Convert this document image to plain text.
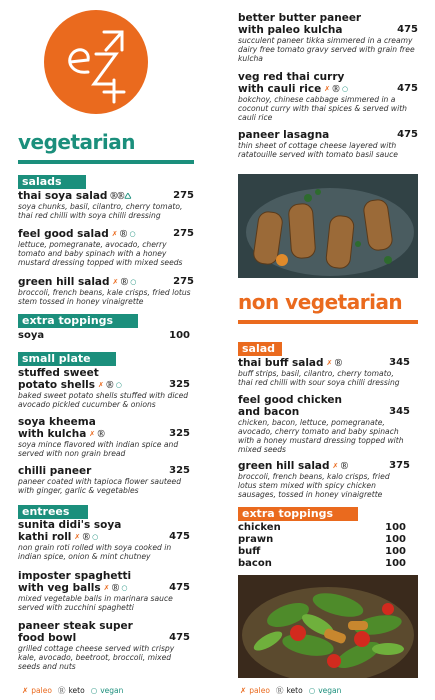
vegetarian
salads
thai soya salad ⓇⓇ🛆	275
soya chunks, basil, cilantro, cherry tomato, thai red chilli with soya chilli dressing
feel good salad ✗ Ⓡ ○	275
lettuce, pomegranate, avocado, cherry tomato and baby spinach with a honey mustard dressing topped with mixed seeds
green hill salad ✗ Ⓡ ○	275
broccoli, french beans, kale crisps, fried lotus stem tossed in honey vinaigrette
extra toppings
soya	100
small plate
stuffed sweet
potato shells ✗ Ⓡ ○	325
baked sweet potato shells stuffed with diced avocado pickled cucumber & onions
soya kheema
with kulcha ✗ Ⓡ	325
soya mince flavored with indian spice and served with non grain bread
chilli paneer	325
paneer coated with tapioca flower sauteed with ginger, garlic & vegetables
entrees
sunita didi's soya
kathi roll ✗ Ⓡ ○	475
non grain roti rolled with soya cooked in indian spice, onion & mint chutney
imposter spaghetti
with veg balls ✗ Ⓡ ○	475
mixed vegetable balls in marinara sauce served with zucchini spaghetti
paneer steak super
food bowl	475
grilled cottage cheese served with crispy kale, avocado, beetroot, broccoli, mixed seeds and nuts
✗ paleo Ⓡ keto ○ vegan
better butter paneer
with paleo kulcha	475
succulent paneer tikka simmered in a creamy dairy free tomato gravy served with grain free kulcha
veg red thai curry
with cauli rice ✗ Ⓡ ○	475
bokchoy, chinese cabbage simmered in a coconut curry with thai spices & served with cauli rice
paneer lasagna	475
thin sheet of cottage cheese layered with ratatouille served with tomato basil sauce
non vegetarian
salad
thai buff salad ✗ Ⓡ	345
buff strips, basil, cilantro, cherry tomato, thai red chilli with sour soya chilli dressing
feel good chicken
and bacon	345
chicken, bacon, lettuce, pomegranate, avocado, cherry tomato and baby spinach with a honey mustard dressing topped with mixed seeds
green hill salad ✗ Ⓡ	375
broccoli, french beans, kalo crisps, fried lotus stem mixed with spicy chicken sausages, tossed in honey vinaigrette
extra toppings
chicken	100
prawn	100
buff	100
bacon	100
✗ paleo Ⓡ keto ○ vegan
